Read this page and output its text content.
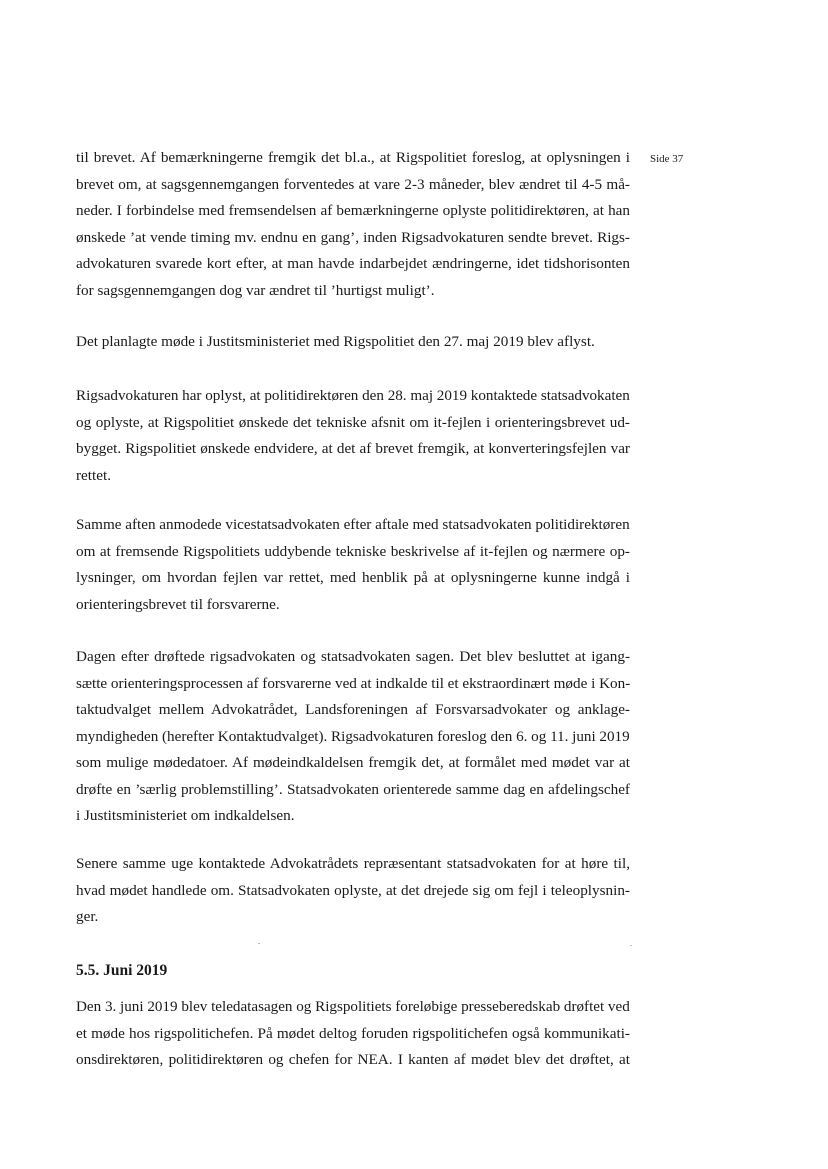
Side 37

til brevet. Af bemærkningerne fremgik det bl.a., at Rigspolitiet foreslog, at oplysningen i
brevet om, at sagsgennemgangen forventedes at vare 2-3 måneder, blev ændret til 4-5 må-
neder. I forbindelse med fremsendelsen af bemærkningerne oplyste politidirektøren, at han
ønskede ’at vende timing mv. endnu en gang’, inden Rigsadvokaturen sendte brevet. Rigs-
advokaturen svarede kort efter, at man havde indarbejdet ændringerne, idet tidshorisonten
for sagsgennemgangen dog var ændret til ’hurtigst muligt’.

Det planlagte møde i Justitsministeriet med Rigspolitiet den 27. maj 2019 blev aflyst.

Rigsadvokaturen har oplyst, at politidirektøren den 28. maj 2019 kontaktede statsadvokaten
og oplyste, at Rigspolitiet ønskede det tekniske afsnit om it-fejlen i orienteringsbrevet ud-
bygget. Rigspolitiet ønskede endvidere, at det af brevet fremgik, at konverteringsfejlen var
rettet.

Samme aften anmodede vicestatsadvokaten efter aftale med statsadvokaten politidirektøren
om at fremsende Rigspolitiets uddybende tekniske beskrivelse af it-fejlen og nærmere op-
lysninger, om hvordan fejlen var rettet, med henblik på at oplysningerne kunne indgå i
orienteringsbrevet til forsvarerne.

Dagen efter drøftede rigsadvokaten og statsadvokaten sagen. Det blev besluttet at igang-
sætte orienteringsprocessen af forsvarerne ved at indkalde til et ekstraordinært møde i Kon-
taktudvalget mellem Advokatrådet, Landsforeningen af Forsvarsadvokater og anklage-
myndigheden (herefter Kontaktudvalget). Rigsadvokaturen foreslog den 6. og 11. juni 2019
som mulige mødedatoer. Af mødeindkaldelsen fremgik det, at formålet med mødet var at
drøfte en ’særlig problemstilling’. Statsadvokaten orienterede samme dag en afdelingschef
i Justitsministeriet om indkaldelsen.

Senere samme uge kontaktede Advokatrådets repræsentant statsadvokaten for at høre til,
hvad mødet handlede om. Statsadvokaten oplyste, at det drejede sig om fejl i teleoplysnin-
ger.

5.5. Juni 2019

Den 3. juni 2019 blev teledatasagen og Rigspolitiets foreløbige presseberedskab drøftet ved
et møde hos rigspolitichefen. På mødet deltog foruden rigspolitichefen også kommunikati-
onsdirektøren, politidirektøren og chefen for NEA. I kanten af mødet blev det drøftet, at
